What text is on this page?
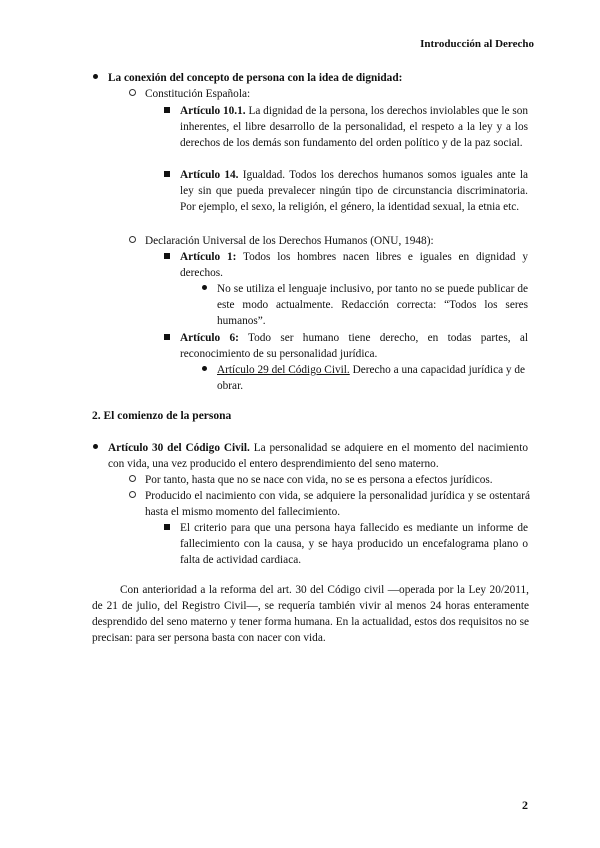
Introducción al Derecho
La conexión del concepto de persona con la idea de dignidad:
Constitución Española:
Artículo 10.1. La dignidad de la persona, los derechos inviolables que le son inherentes, el libre desarrollo de la personalidad, el respeto a la ley y a los derechos de los demás son fundamento del orden político y de la paz social.
Artículo 14. Igualdad. Todos los derechos humanos somos iguales ante la ley sin que pueda prevalecer ningún tipo de circunstancia discriminatoria. Por ejemplo, el sexo, la religión, el género, la identidad sexual, la etnia etc.
Declaración Universal de los Derechos Humanos (ONU, 1948):
Artículo 1: Todos los hombres nacen libres e iguales en dignidad y derechos.
No se utiliza el lenguaje inclusivo, por tanto no se puede publicar de este modo actualmente. Redacción correcta: “Todos los seres humanos”.
Artículo 6: Todo ser humano tiene derecho, en todas partes, al reconocimiento de su personalidad jurídica.
Artículo 29 del Código Civil. Derecho a una capacidad jurídica y de obrar.
2. El comienzo de la persona
Artículo 30 del Código Civil. La personalidad se adquiere en el momento del nacimiento con vida, una vez producido el entero desprendimiento del seno materno.
Por tanto, hasta que no se nace con vida, no se es persona a efectos jurídicos.
Producido el nacimiento con vida, se adquiere la personalidad jurídica y se ostentará hasta el mismo momento del fallecimiento.
El criterio para que una persona haya fallecido es mediante un informe de fallecimiento con la causa, y se haya producido un encefalograma plano o falta de actividad cardiaca.
Con anterioridad a la reforma del art. 30 del Código civil —operada por la Ley 20/2011, de 21 de julio, del Registro Civil—, se requería también vivir al menos 24 horas enteramente desprendido del seno materno y tener forma humana. En la actualidad, estos dos requisitos no se precisan: para ser persona basta con nacer con vida.
2
